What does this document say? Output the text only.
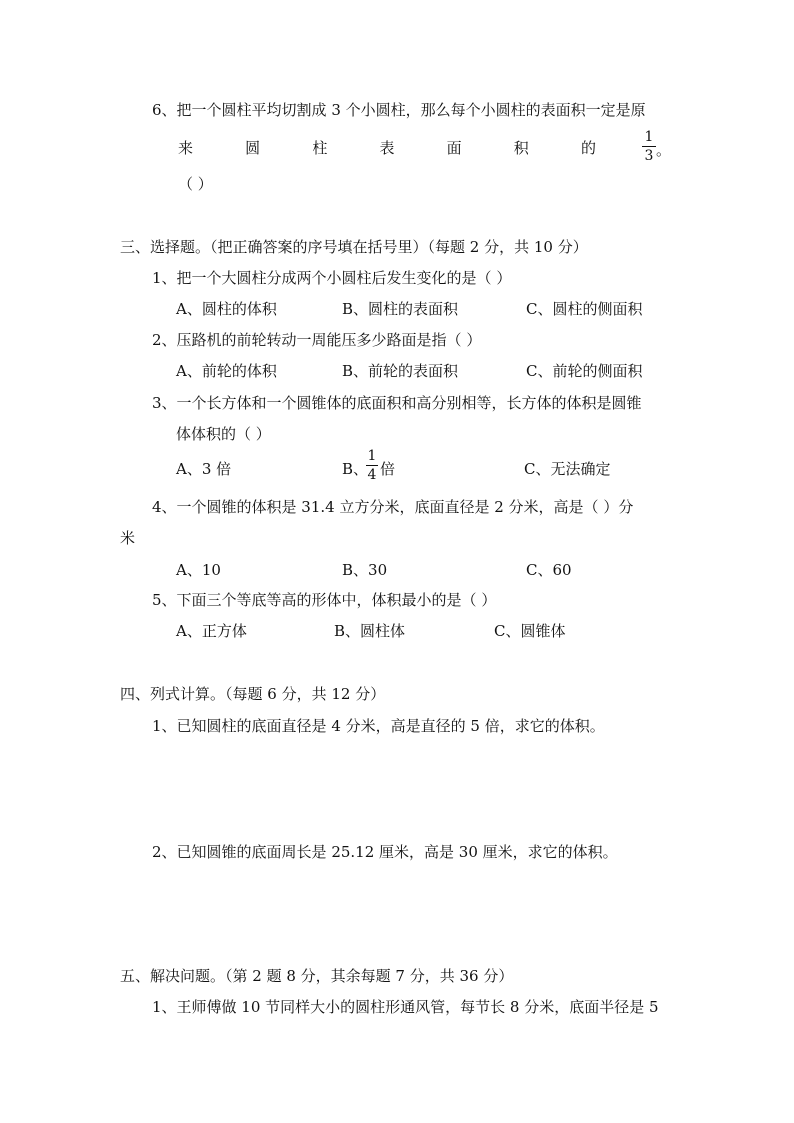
6、把一个圆柱平均切割成 3 个小圆柱，那么每个小圆柱的表面积一定是原
来	圆	柱	表	面	积	的
1
3 。
（ ）
三、选择题。（把正确答案的序号填在括号里）（每题 2 分，共 10 分）
1、把一个大圆柱分成两个小圆柱后发生变化的是（ ）
A、圆柱的体积	B、圆柱的表面积	C、圆柱的侧面积
2、压路机的前轮转动一周能压多少路面是指（ ）
A、前轮的体积	B、前轮的表面积	C、前轮的侧面积
3、一个长方体和一个圆锥体的底面积和高分别相等，长方体的体积是圆锥
体体积的（ ）
A、3 倍	B、
1
4 倍	C、无法确定
4、一个圆锥的体积是 31.4 立方分米，底面直径是 2 分米，高是（ ）分
米
A、10	B、30	C、60
5、下面三个等底等高的形体中，体积最小的是（ ）
A、正方体	B、圆柱体	C、圆锥体
四、列式计算。（每题 6 分，共 12 分）
1、已知圆柱的底面直径是 4 分米，高是直径的 5 倍，求它的体积。
2、已知圆锥的底面周长是 25.12 厘米，高是 30 厘米，求它的体积。
五、解决问题。（第 2 题 8 分，其余每题 7 分，共 36 分）
1、王师傅做 10 节同样大小的圆柱形通风管，每节长 8 分米，底面半径是 5
